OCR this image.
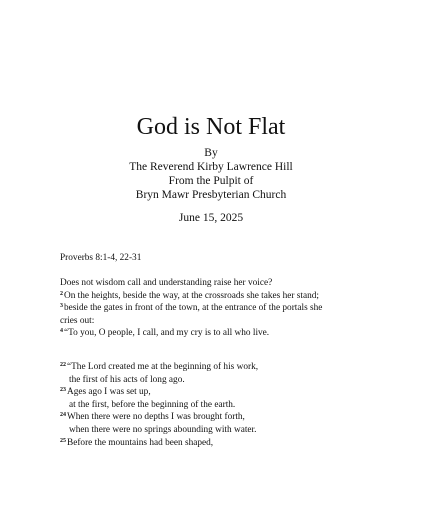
God is Not Flat
By
The Reverend Kirby Lawrence Hill
From the Pulpit of
Bryn Mawr Presbyterian Church
June 15, 2025
Proverbs 8:1-4, 22-31
Does not wisdom call and understanding raise her voice?
$^2$On the heights, beside the way, at the crossroads she takes her stand;
$^3$beside the gates in front of the town, at the entrance of the portals she
cries out:
$^4$“To you, O people, I call, and my cry is to all who live.
$^{22}$“The Lord created me at the beginning of his work,
the first of his acts of long ago.
$^{23}$Ages ago I was set up,
at the first, before the beginning of the earth.
$^{24}$When there were no depths I was brought forth,
when there were no springs abounding with water.
$^{25}$Before the mountains had been shaped,
